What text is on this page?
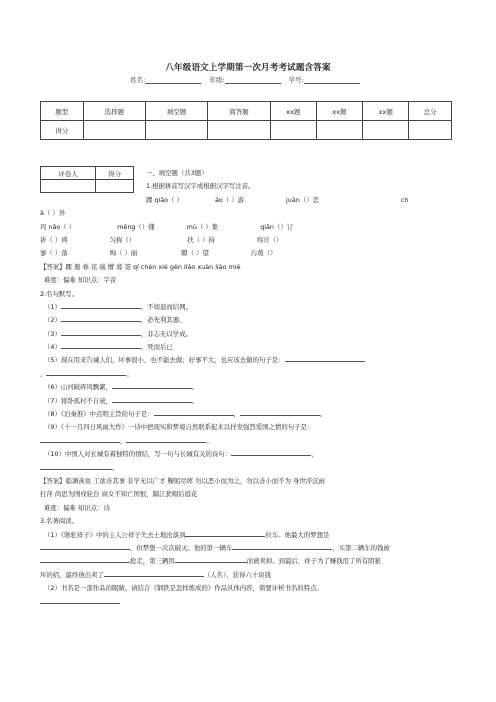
八年级语文上学期第一次月考考试题含答案
姓名:	年级:	学号:
题型	选择题	填空题	简答题	xx题	xx题	xx题	总分
得分							
评卷人	得分
		一、填空题（共3题）
1.根据拼音写汉字或根据汉字写注音。
踝 qiāo（ ）	áo（ ）游	juàn（）恋	ch
à（ ）异
玛 nǎo（ ）	měng（）懂	mù（ ）集	qiān（）订
祈（ ）祷	匀称（）	扶（ ）持	绵亘（）
寥（ ）落	绚（ ）丽	瞭（ ）望	污蔑（）
【答案】踝 遨 眷 诧 瑙 懵 募 签 qí chèn xié gèn liáo xuàn liào miè
难度：偏难 知识点：字音
2.名句默写。
（1）	，不如退而结网。
（2）	，必先利其器。
（3）	，非志无以学成。
（4）	，死而后已
（5）现在用来告诫人们，坏事很小，也不能去做；好事不大，也应该去做的句子是：
，	。
（6）山河破碎风飘絮，	。
（7）将卧孤村不自衰，	。
（8）《泊秦淮》中点明主旨的句子是：	，	。
（9）《十一月四日风雨大作》一诗中把现实和梦境自然联系起来以抒发强烈爱国之情的句子是：
，	。
（10）中国人对长城有着独特的情结，写一句与长城有关的诗句：	，
。
【答案】临渊羡鱼 工欲善其事 非学无以广才 鞠躬尽瘁 勿以恶小而为之，勿以善小而不为 身世浮沉雨
打萍 尚思为国戍轮台 商女不知亡国恨，隔江犹唱后庭花
难度：偏难 知识点：诗
3.名著阅读。
（1）《骆驼祥子》中的主人公祥子失去土地沦落到	拉车。他最大的梦想是
，但梦想一次次破灭。他的第一辆车	，买第二辆车的钱被
抢走，第三辆因	而被卖掉。到最后，祥子为了赚钱用了所有阴狠
坏的招，最终他出卖了	（人名），获得六十块钱
（2）书名是一部作品的眼睛。请结合《钢铁是怎样炼成的》作品具体内容，简要评析书名的特点。
